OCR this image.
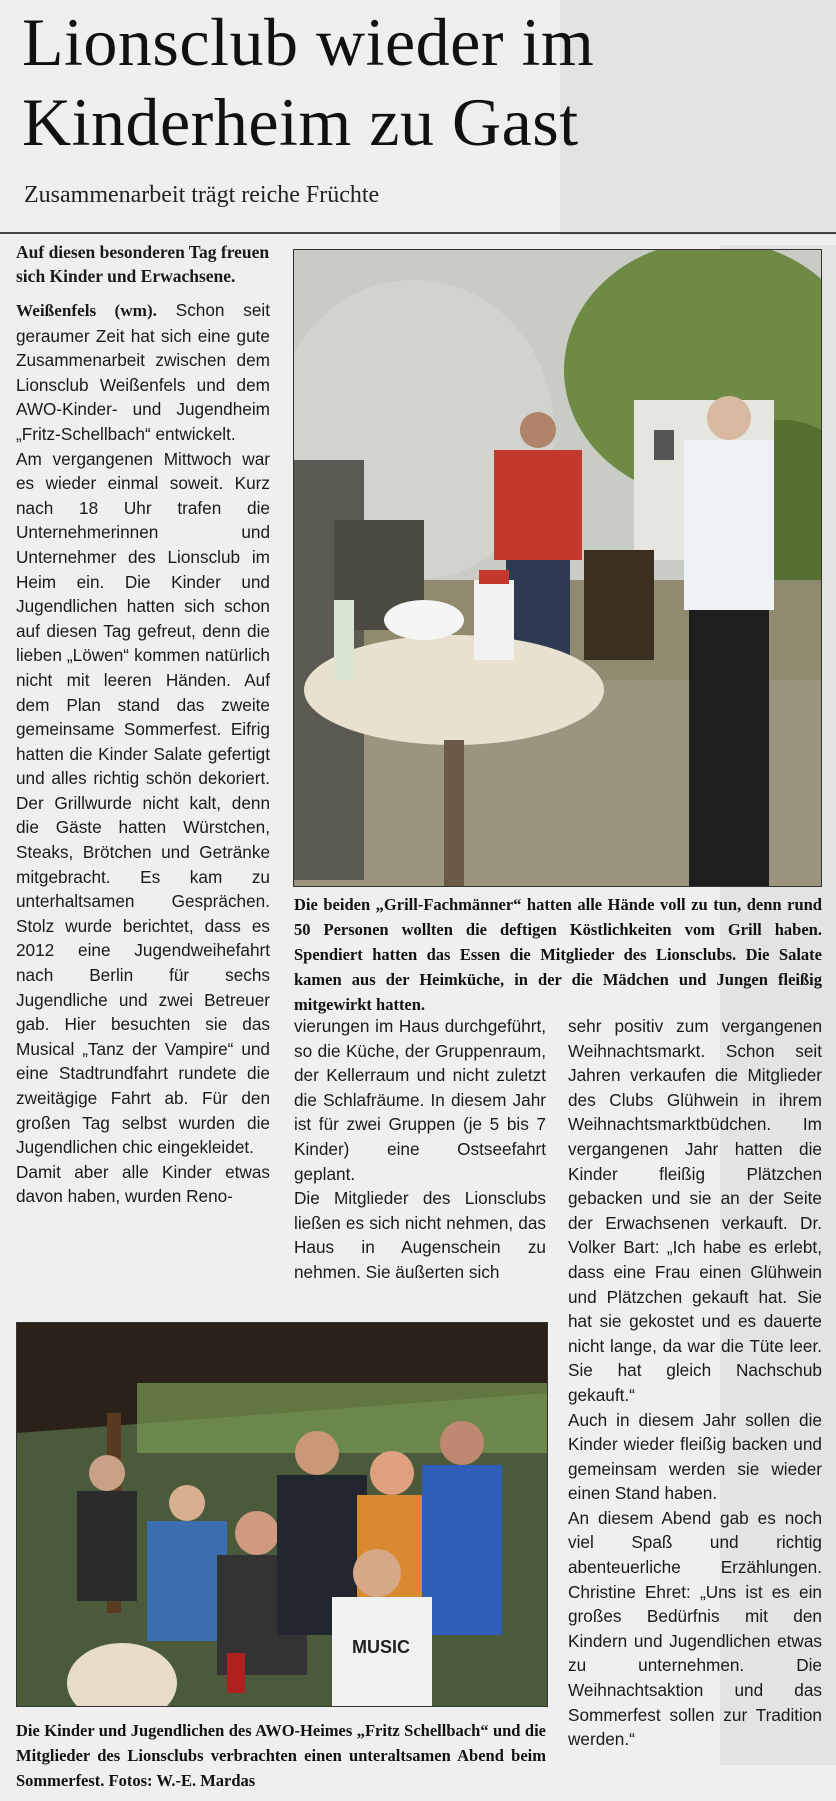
Lionsclub wieder im
Kinderheim zu Gast
Zusammenarbeit trägt reiche Früchte

Auf diesen besonderen Tag freuen sich Kinder und Erwachsene.

Weißenfels (wm). Schon seit geraumer Zeit hat sich eine gute Zusammenarbeit zwischen dem Lionsclub Weißenfels und dem AWO-Kinder- und Jugendheim „Fritz-Schellbach“ entwickelt.

Am vergangenen Mittwoch war es wieder einmal soweit. Kurz nach 18 Uhr trafen die Unternehmerinnen und Unternehmer des Lionsclub im Heim ein. Die Kinder und Jugendlichen hatten sich schon auf diesen Tag gefreut, denn die lieben „Löwen“ kommen natürlich nicht mit leeren Händen. Auf dem Plan stand das zweite gemeinsame Sommerfest. Eifrig hatten die Kinder Salate gefertigt und alles richtig schön dekoriert. Der Grillwurde nicht kalt, denn die Gäste hatten Würstchen, Steaks, Brötchen und Getränke mitgebracht. Es kam zu unterhaltsamen Gesprächen. Stolz wurde berichtet, dass es 2012 eine Jugendweihefahrt nach Berlin für sechs Jugendliche und zwei Betreuer gab. Hier besuchten sie das Musical „Tanz der Vampire“ und eine Stadtrundfahrt rundete die zweitägige Fahrt ab. Für den großen Tag selbst wurden die Jugendlichen chic eingekleidet.

Damit aber alle Kinder etwas davon haben, wurden Reno-

Die beiden „Grill-Fachmänner“ hatten alle Hände voll zu tun, denn rund 50 Personen wollten die deftigen Köstlichkeiten vom Grill haben. Spendiert hatten das Essen die Mitglieder des Lionsclubs. Die Salate kamen aus der Heimküche, in der die Mädchen und Jungen fleißig mitgewirkt hatten.

vierungen im Haus durchgeführt, so die Küche, der Gruppenraum, der Kellerraum und nicht zuletzt die Schlafräume. In diesem Jahr ist für zwei Gruppen (je 5 bis 7 Kinder) eine Ostseefahrt geplant.

Die Mitglieder des Lionsclubs ließen es sich nicht nehmen, das Haus in Augenschein zu nehmen. Sie äußerten sich

sehr positiv zum vergangenen Weihnachtsmarkt. Schon seit Jahren verkaufen die Mitglieder des Clubs Glühwein in ihrem Weihnachtsmarktbüdchen. Im vergangenen Jahr hatten die Kinder fleißig Plätzchen gebacken und sie an der Seite der Erwachsenen verkauft. Dr. Volker Bart: „Ich habe es erlebt, dass eine Frau einen Glühwein und Plätzchen gekauft hat. Sie hat sie gekostet und es dauerte nicht lange, da war die Tüte leer. Sie hat gleich Nachschub gekauft.“

Auch in diesem Jahr sollen die Kinder wieder fleißig backen und gemeinsam werden sie wieder einen Stand haben.

An diesem Abend gab es noch viel Spaß und richtig abenteuerliche Erzählungen. Christine Ehret: „Uns ist es ein großes Bedürfnis mit den Kindern und Jugendlichen etwas zu unternehmen. Die Weihnachtsaktion und das Sommerfest sollen zur Tradition werden.“

MUSIC
Die Kinder und Jugendlichen des AWO-Heimes „Fritz Schellbach“ und die Mitglieder des Lionsclubs verbrachten einen unteraltsamen Abend beim Sommerfest. Fotos: W.-E. Mardas
